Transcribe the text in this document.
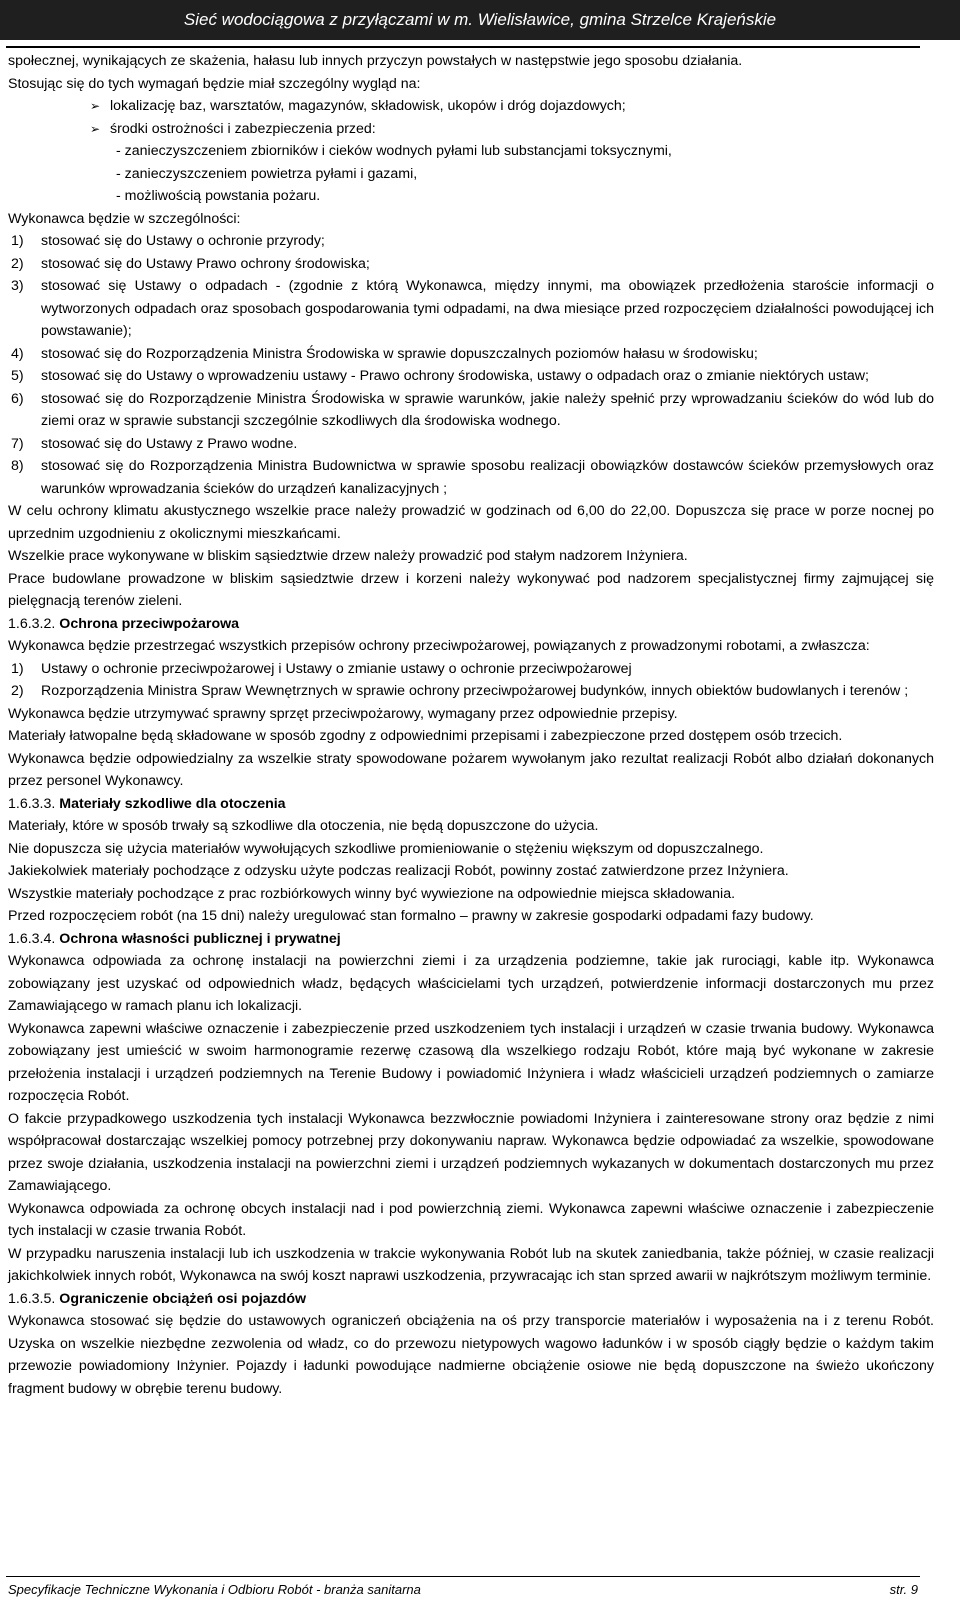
Sieć wodociągowa z przyłączami w m. Wielisławice, gmina Strzelce Krajeńskie

społecznej, wynikających ze skażenia, hałasu lub innych przyczyn powstałych w następstwie jego sposobu działania.

Stosując się do tych wymagań będzie miał szczególny wygląd na:

➢ lokalizację baz, warsztatów, magazynów, składowisk, ukopów i dróg dojazdowych;
➢ środki ostrożności i zabezpieczenia przed:

- zanieczyszczeniem zbiorników i cieków wodnych pyłami lub substancjami toksycznymi,

- zanieczyszczeniem powietrza pyłami i gazami,

- możliwością powstania pożaru.

Wykonawca będzie w szczególności:

1) stosować się do Ustawy o ochronie przyrody;
2) stosować się do Ustawy Prawo ochrony środowiska;
3) stosować się Ustawy o odpadach - (zgodnie z którą Wykonawca, między innymi, ma obowiązek przedłożenia staroście informacji o wytworzonych odpadach oraz sposobach gospodarowania tymi odpadami, na dwa miesiące przed rozpoczęciem działalności powodującej ich powstawanie);
4) stosować się do Rozporządzenia Ministra Środowiska w sprawie dopuszczalnych poziomów hałasu w środowisku;
5) stosować się do Ustawy o wprowadzeniu ustawy - Prawo ochrony środowiska, ustawy o odpadach oraz o zmianie niektórych ustaw;
6) stosować się do Rozporządzenie Ministra Środowiska w sprawie warunków, jakie należy spełnić przy wprowadzaniu ścieków do wód lub do ziemi oraz w sprawie substancji szczególnie szkodliwych dla środowiska wodnego.
7) stosować się do Ustawy z Prawo wodne.
8) stosować się do Rozporządzenia Ministra Budownictwa w sprawie sposobu realizacji obowiązków dostawców ścieków przemysłowych oraz warunków wprowadzania ścieków do urządzeń kanalizacyjnych ;

W celu ochrony klimatu akustycznego wszelkie prace należy prowadzić w godzinach od 6,00 do 22,00. Dopuszcza się prace w porze nocnej po uprzednim uzgodnieniu z okolicznymi mieszkańcami.

Wszelkie prace wykonywane w bliskim sąsiedztwie drzew należy prowadzić pod stałym nadzorem Inżyniera.

Prace budowlane prowadzone w bliskim sąsiedztwie drzew i korzeni należy wykonywać pod nadzorem specjalistycznej firmy zajmującej się pielęgnacją terenów zieleni.

1.6.3.2. Ochrona przeciwpożarowa

Wykonawca będzie przestrzegać wszystkich przepisów ochrony przeciwpożarowej, powiązanych z prowadzonymi robotami, a zwłaszcza:

1) Ustawy o ochronie przeciwpożarowej i Ustawy o zmianie ustawy o ochronie przeciwpożarowej
2) Rozporządzenia Ministra Spraw Wewnętrznych w sprawie ochrony przeciwpożarowej budynków, innych obiektów budowlanych i terenów ;

Wykonawca będzie utrzymywać sprawny sprzęt przeciwpożarowy, wymagany przez odpowiednie przepisy.

Materiały łatwopalne będą składowane w sposób zgodny z odpowiednimi przepisami i zabezpieczone przed dostępem osób trzecich.

Wykonawca będzie odpowiedzialny za wszelkie straty spowodowane pożarem wywołanym jako rezultat realizacji Robót albo działań dokonanych przez personel Wykonawcy.

1.6.3.3. Materiały szkodliwe dla otoczenia

Materiały, które w sposób trwały są szkodliwe dla otoczenia, nie będą dopuszczone do użycia.

Nie dopuszcza się użycia materiałów wywołujących szkodliwe promieniowanie o stężeniu większym od dopuszczalnego.

Jakiekolwiek materiały pochodzące z odzysku użyte podczas realizacji Robót, powinny zostać zatwierdzone przez Inżyniera.

Wszystkie materiały pochodzące z prac rozbiórkowych winny być wywiezione na odpowiednie miejsca składowania.

Przed rozpoczęciem robót (na 15 dni) należy uregulować stan formalno – prawny w zakresie gospodarki odpadami fazy budowy.

1.6.3.4. Ochrona własności publicznej i prywatnej

Wykonawca odpowiada za ochronę instalacji na powierzchni ziemi i za urządzenia podziemne, takie jak rurociągi, kable itp. Wykonawca zobowiązany jest uzyskać od odpowiednich władz, będących właścicielami tych urządzeń, potwierdzenie informacji dostarczonych mu przez Zamawiającego w ramach planu ich lokalizacji.

Wykonawca zapewni właściwe oznaczenie i zabezpieczenie przed uszkodzeniem tych instalacji i urządzeń w czasie trwania budowy. Wykonawca zobowiązany jest umieścić w swoim harmonogramie rezerwę czasową dla wszelkiego rodzaju Robót, które mają być wykonane w zakresie przełożenia instalacji i urządzeń podziemnych na Terenie Budowy i powiadomić Inżyniera i władz właścicieli urządzeń podziemnych o zamiarze rozpoczęcia Robót.

O fakcie przypadkowego uszkodzenia tych instalacji Wykonawca bezzwłocznie powiadomi Inżyniera i zainteresowane strony oraz będzie z nimi współpracował dostarczając wszelkiej pomocy potrzebnej przy dokonywaniu napraw. Wykonawca będzie odpowiadać za wszelkie, spowodowane przez swoje działania, uszkodzenia instalacji na powierzchni ziemi i urządzeń podziemnych wykazanych w dokumentach dostarczonych mu przez Zamawiającego.

Wykonawca odpowiada za ochronę obcych instalacji nad i pod powierzchnią ziemi. Wykonawca zapewni właściwe oznaczenie i zabezpieczenie tych instalacji w czasie trwania Robót.

W przypadku naruszenia instalacji lub ich uszkodzenia w trakcie wykonywania Robót lub na skutek zaniedbania, także później, w czasie realizacji jakichkolwiek innych robót, Wykonawca na swój koszt naprawi uszkodzenia, przywracając ich stan sprzed awarii w najkrótszym możliwym terminie.

1.6.3.5. Ograniczenie obciążeń osi pojazdów

Wykonawca stosować się będzie do ustawowych ograniczeń obciążenia na oś przy transporcie materiałów i wyposażenia na i z terenu Robót. Uzyska on wszelkie niezbędne zezwolenia od władz, co do przewozu nietypowych wagowo ładunków i w sposób ciągły będzie o każdym takim przewozie powiadomiony Inżynier. Pojazdy i ładunki powodujące nadmierne obciążenie osiowe nie będą dopuszczone na świeżo ukończony fragment budowy w obrębie terenu budowy.

Specyfikacje Techniczne Wykonania i Odbioru Robót - branża sanitarna	str. 9
